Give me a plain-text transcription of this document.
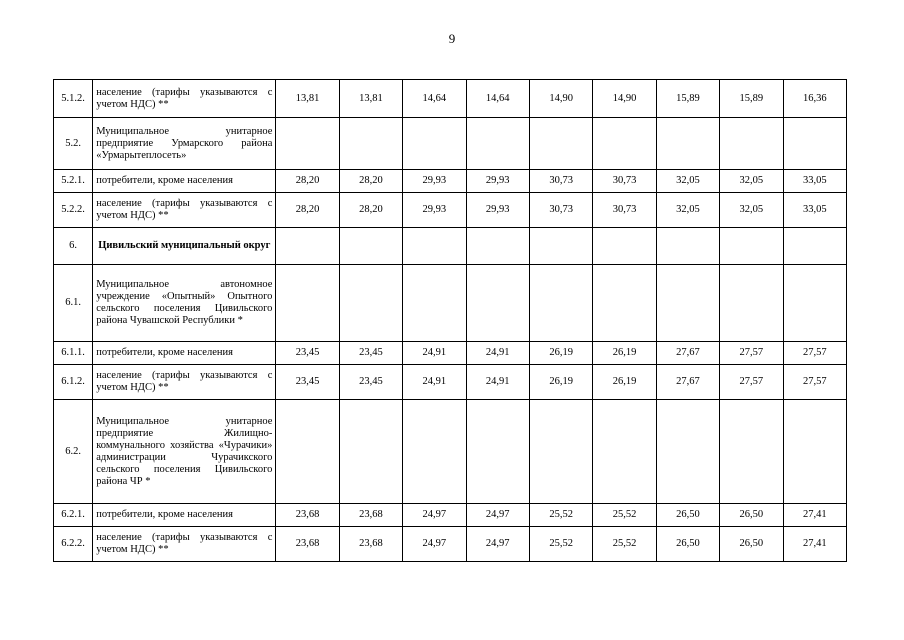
9
5.1.2.	население (тарифы указываются с учетом НДС) **	13,81	13,81	14,64	14,64	14,90	14,90	15,89	15,89	16,36
5.2.	Муниципальное унитарное предприятие Урмарского района «Урмарытеплосеть»									
5.2.1.	потребители, кроме населения	28,20	28,20	29,93	29,93	30,73	30,73	32,05	32,05	33,05
5.2.2.	население (тарифы указываются с учетом НДС) **	28,20	28,20	29,93	29,93	30,73	30,73	32,05	32,05	33,05
6.	Цивильский муниципальный округ									
6.1.	Муниципальное автономное учреждение «Опытный» Опытного сельского поселения Цивильского района Чувашской Республики *									
6.1.1.	потребители, кроме населения	23,45	23,45	24,91	24,91	26,19	26,19	27,67	27,57	27,57
6.1.2.	население (тарифы указываются с учетом НДС) **	23,45	23,45	24,91	24,91	26,19	26,19	27,67	27,57	27,57
6.2.	Муниципальное унитарное предприятие Жилищно-коммунального хозяйства «Чурачики» администрации Чурачикского сельского поселения Цивильского района ЧР *									
6.2.1.	потребители, кроме населения	23,68	23,68	24,97	24,97	25,52	25,52	26,50	26,50	27,41
6.2.2.	население (тарифы указываются с учетом НДС) **	23,68	23,68	24,97	24,97	25,52	25,52	26,50	26,50	27,41
